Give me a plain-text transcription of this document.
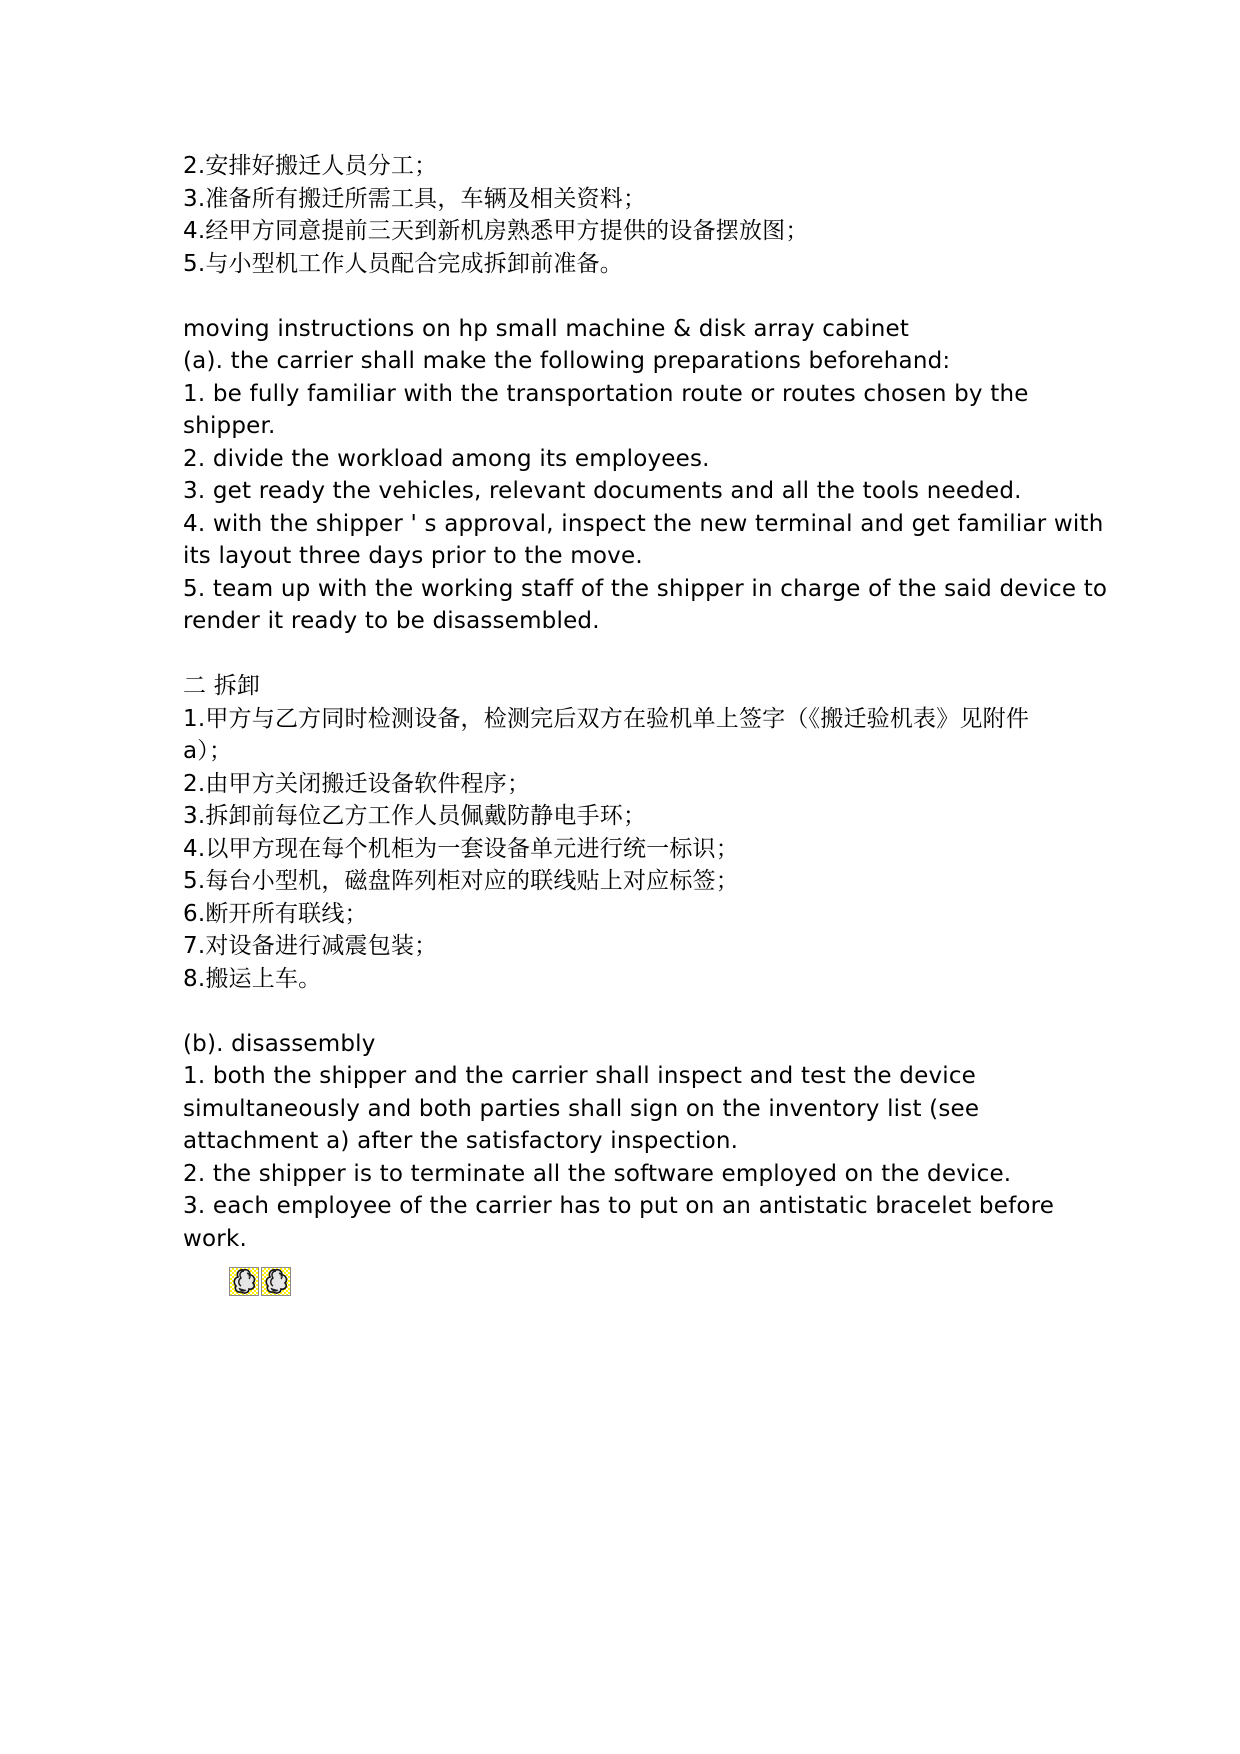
2.安排好搬迁人员分工；
3.准备所有搬迁所需工具，车辆及相关资料；
4.经甲方同意提前三天到新机房熟悉甲方提供的设备摆放图；
5.与小型机工作人员配合完成拆卸前准备。
moving instructions on hp small machine & disk array cabinet
(a). the carrier shall make the following preparations beforehand:
1. be fully familiar with the transportation route or routes chosen by the
shipper.
2. divide the workload among its employees.
3. get ready the vehicles, relevant documents and all the tools needed.
4. with the shipper ' s approval, inspect the new terminal and get familiar with
its layout three days prior to the move.
5. team up with the working staff of the shipper in charge of the said device to
render it ready to be disassembled.
二 拆卸
1.甲方与乙方同时检测设备，检测完后双方在验机单上签字（《搬迁验机表》见附件
a）；
2.由甲方关闭搬迁设备软件程序；
3.拆卸前每位乙方工作人员佩戴防静电手环；
4.以甲方现在每个机柜为一套设备单元进行统一标识；
5.每台小型机，磁盘阵列柜对应的联线贴上对应标签；
6.断开所有联线；
7.对设备进行减震包装；
8.搬运上车。
(b). disassembly
1. both the shipper and the carrier shall inspect and test the device
simultaneously and both parties shall sign on the inventory list (see
attachment a) after the satisfactory inspection.
2. the shipper is to terminate all the software employed on the device.
3. each employee of the carrier has to put on an antistatic bracelet before
work.
